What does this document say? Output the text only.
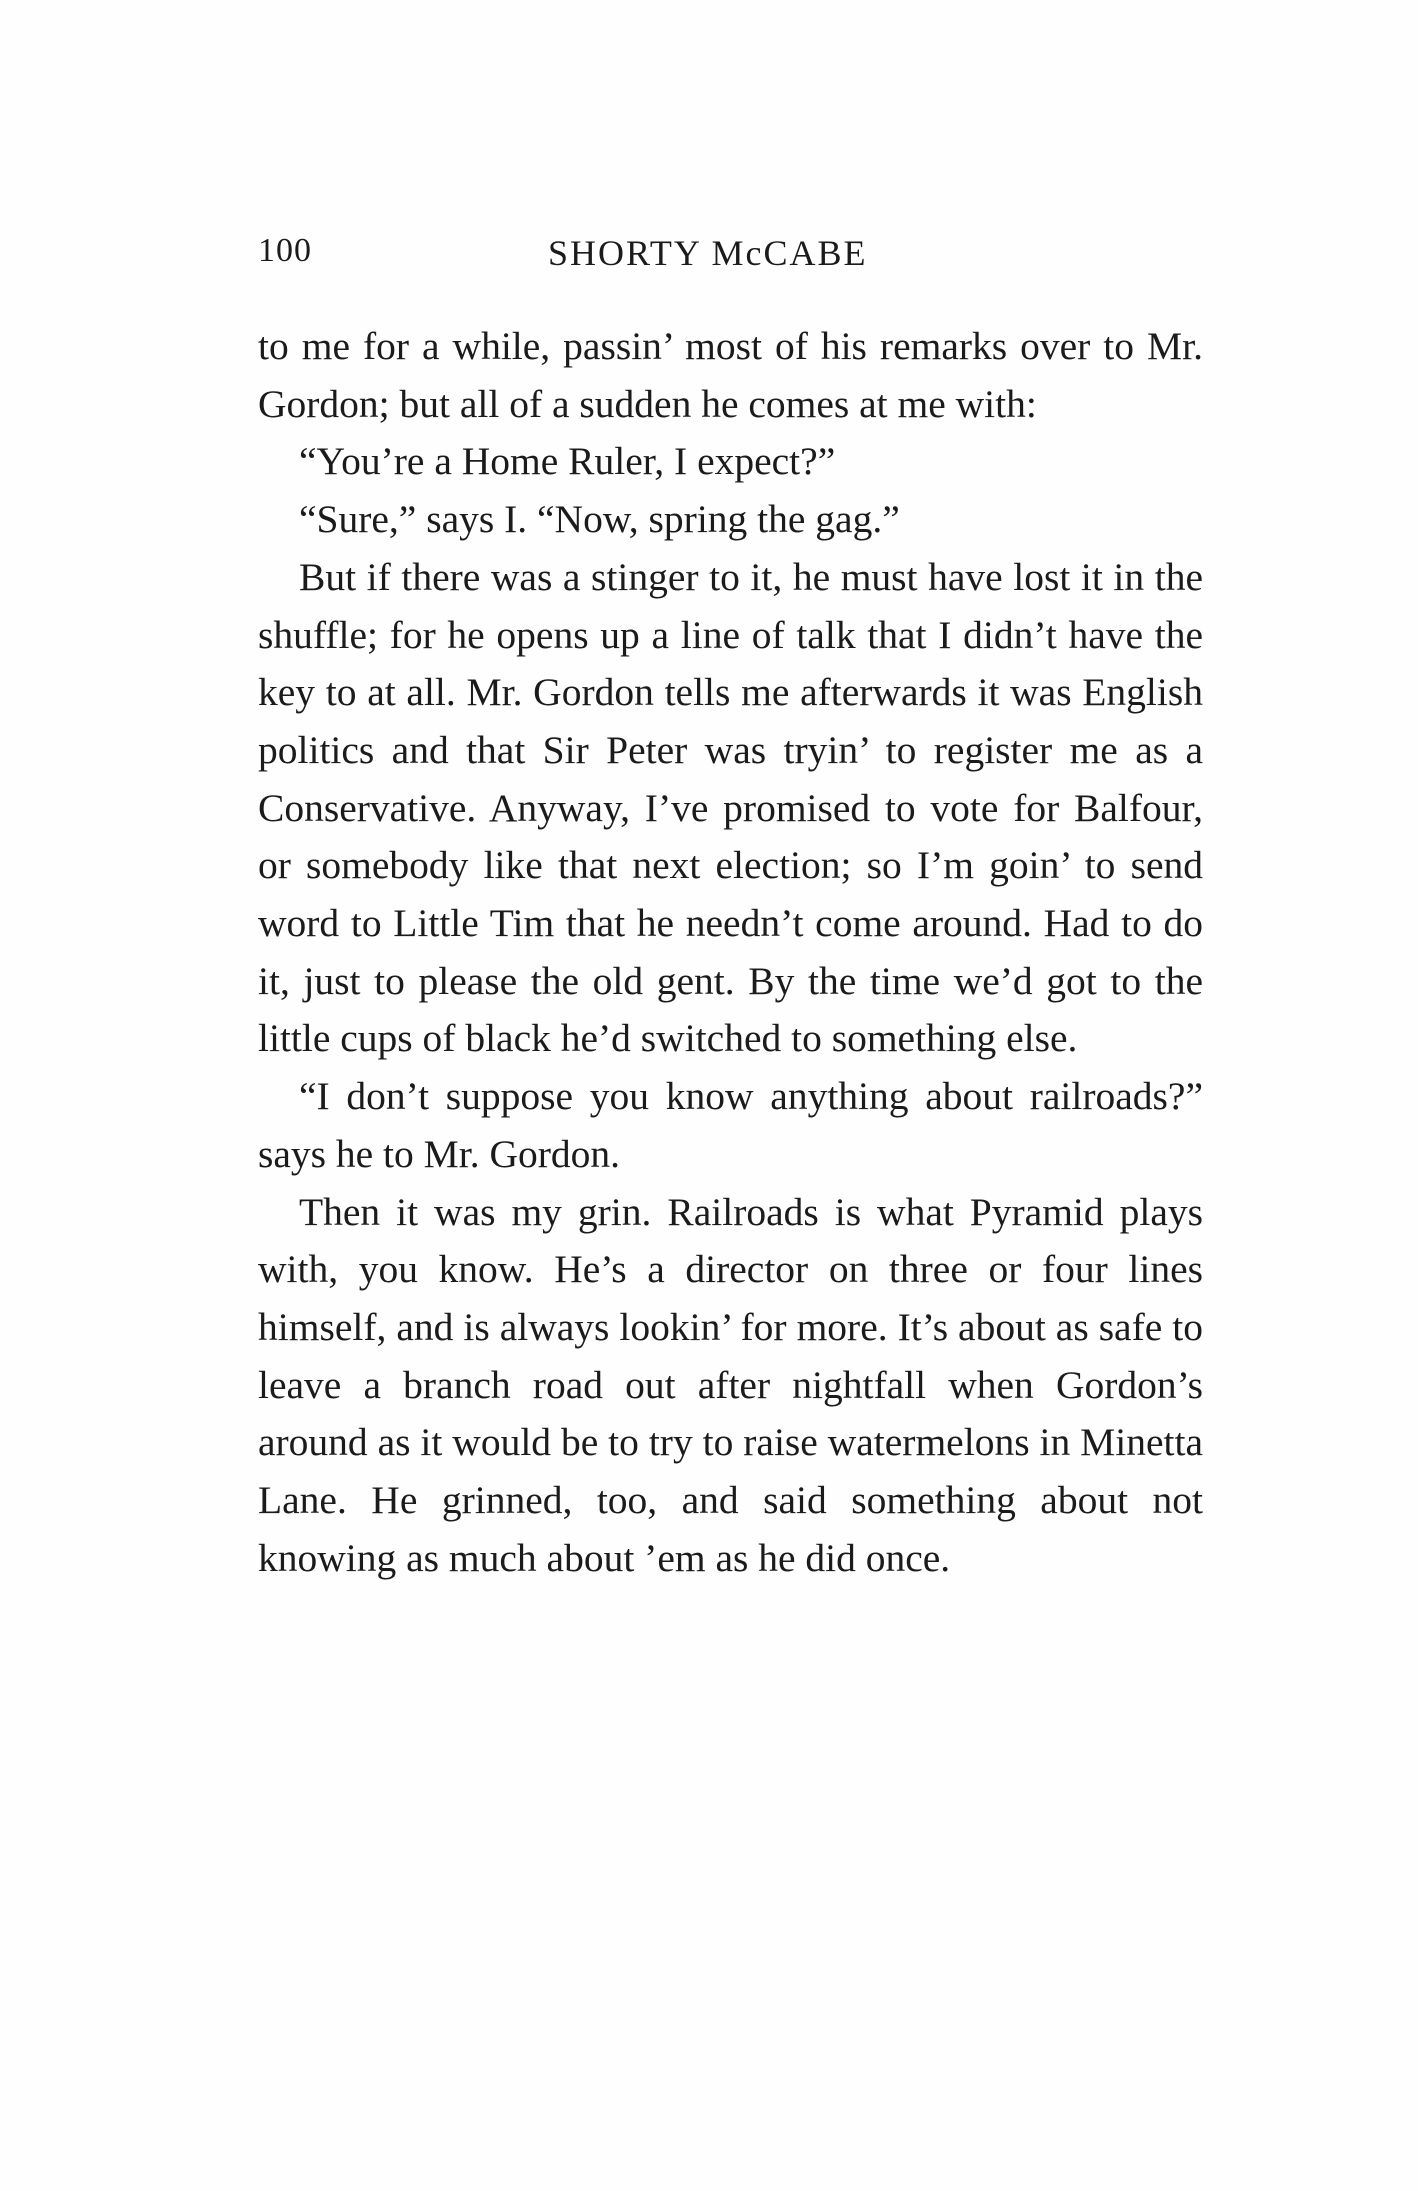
100	SHORTY McCABE

to me for a while, passin’ most of his remarks over to Mr. Gordon; but all of a sudden he comes at me with:

“You’re a Home Ruler, I expect?”

“Sure,” says I. “Now, spring the gag.”

But if there was a stinger to it, he must have lost it in the shuffle; for he opens up a line of talk that I didn’t have the key to at all. Mr. Gordon tells me afterwards it was English politics and that Sir Peter was tryin’ to register me as a Conservative. Anyway, I’ve promised to vote for Balfour, or somebody like that next election; so I’m goin’ to send word to Little Tim that he needn’t come around. Had to do it, just to please the old gent. By the time we’d got to the little cups of black he’d switched to something else.

“I don’t suppose you know anything about railroads?” says he to Mr. Gordon.

Then it was my grin. Railroads is what Pyramid plays with, you know. He’s a director on three or four lines himself, and is always lookin’ for more. It’s about as safe to leave a branch road out after nightfall when Gordon’s around as it would be to try to raise watermelons in Minetta Lane. He grinned, too, and said something about not knowing as much about ’em as he did once.
